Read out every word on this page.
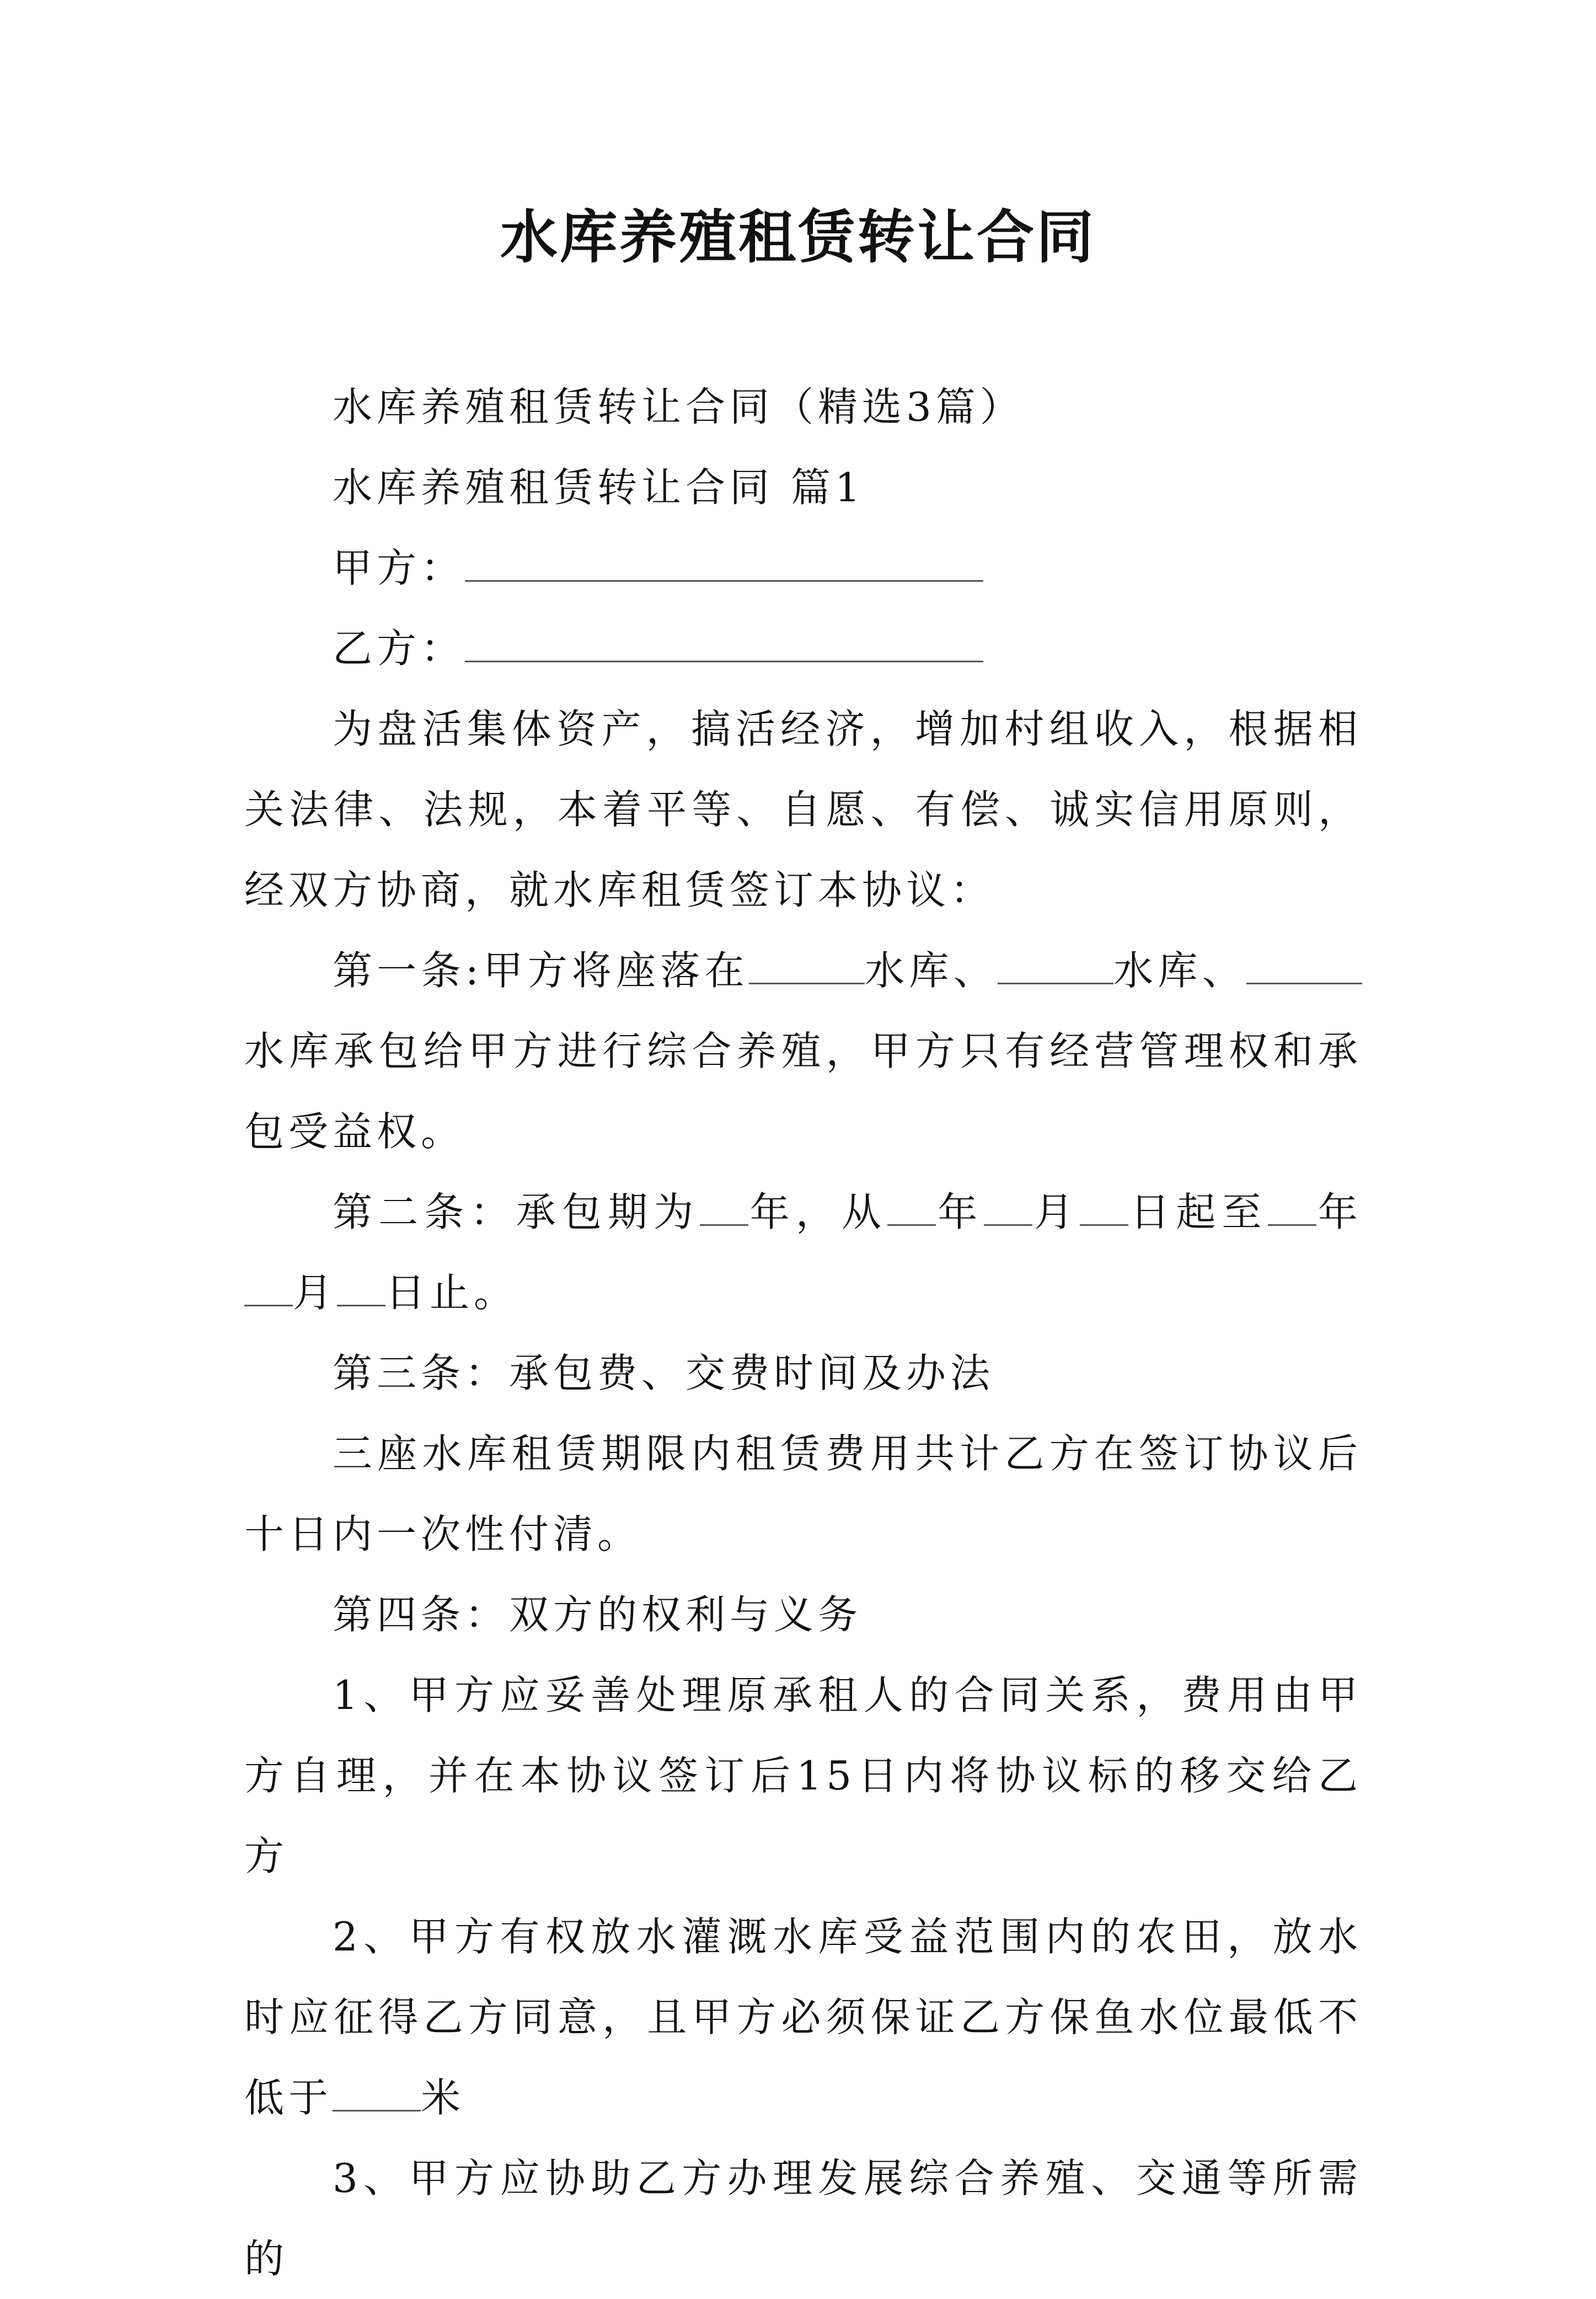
水库养殖租赁转让合同

水库养殖租赁转让合同（精选3篇）

水库养殖租赁转让合同 篇1

甲方：

乙方：

为盘活集体资产，搞活经济，增加村组收入，根据相关法律、法规，本着平等、自愿、有偿、诚实信用原则，经双方协商，就水库租赁签订本协议：

第一条:甲方将座落在	水库、	水库、水库承包给甲方进行综合养殖，甲方只有经营管理权和承包受益权。

第二条：承包期为 年，从 年 月 日起至 年月 日止。

第三条：承包费、交费时间及办法

三座水库租赁期限内租赁费用共计乙方在签订协议后十日内一次性付清。

第四条：双方的权利与义务

1、甲方应妥善处理原承租人的合同关系，费用由甲方自理，并在本协议签订后15日内将协议标的移交给乙方

2、甲方有权放水灌溉水库受益范围内的农田，放水时应征得乙方同意，且甲方必须保证乙方保鱼水位最低不低于 米

3、甲方应协助乙方办理发展综合养殖、交通等所需的
